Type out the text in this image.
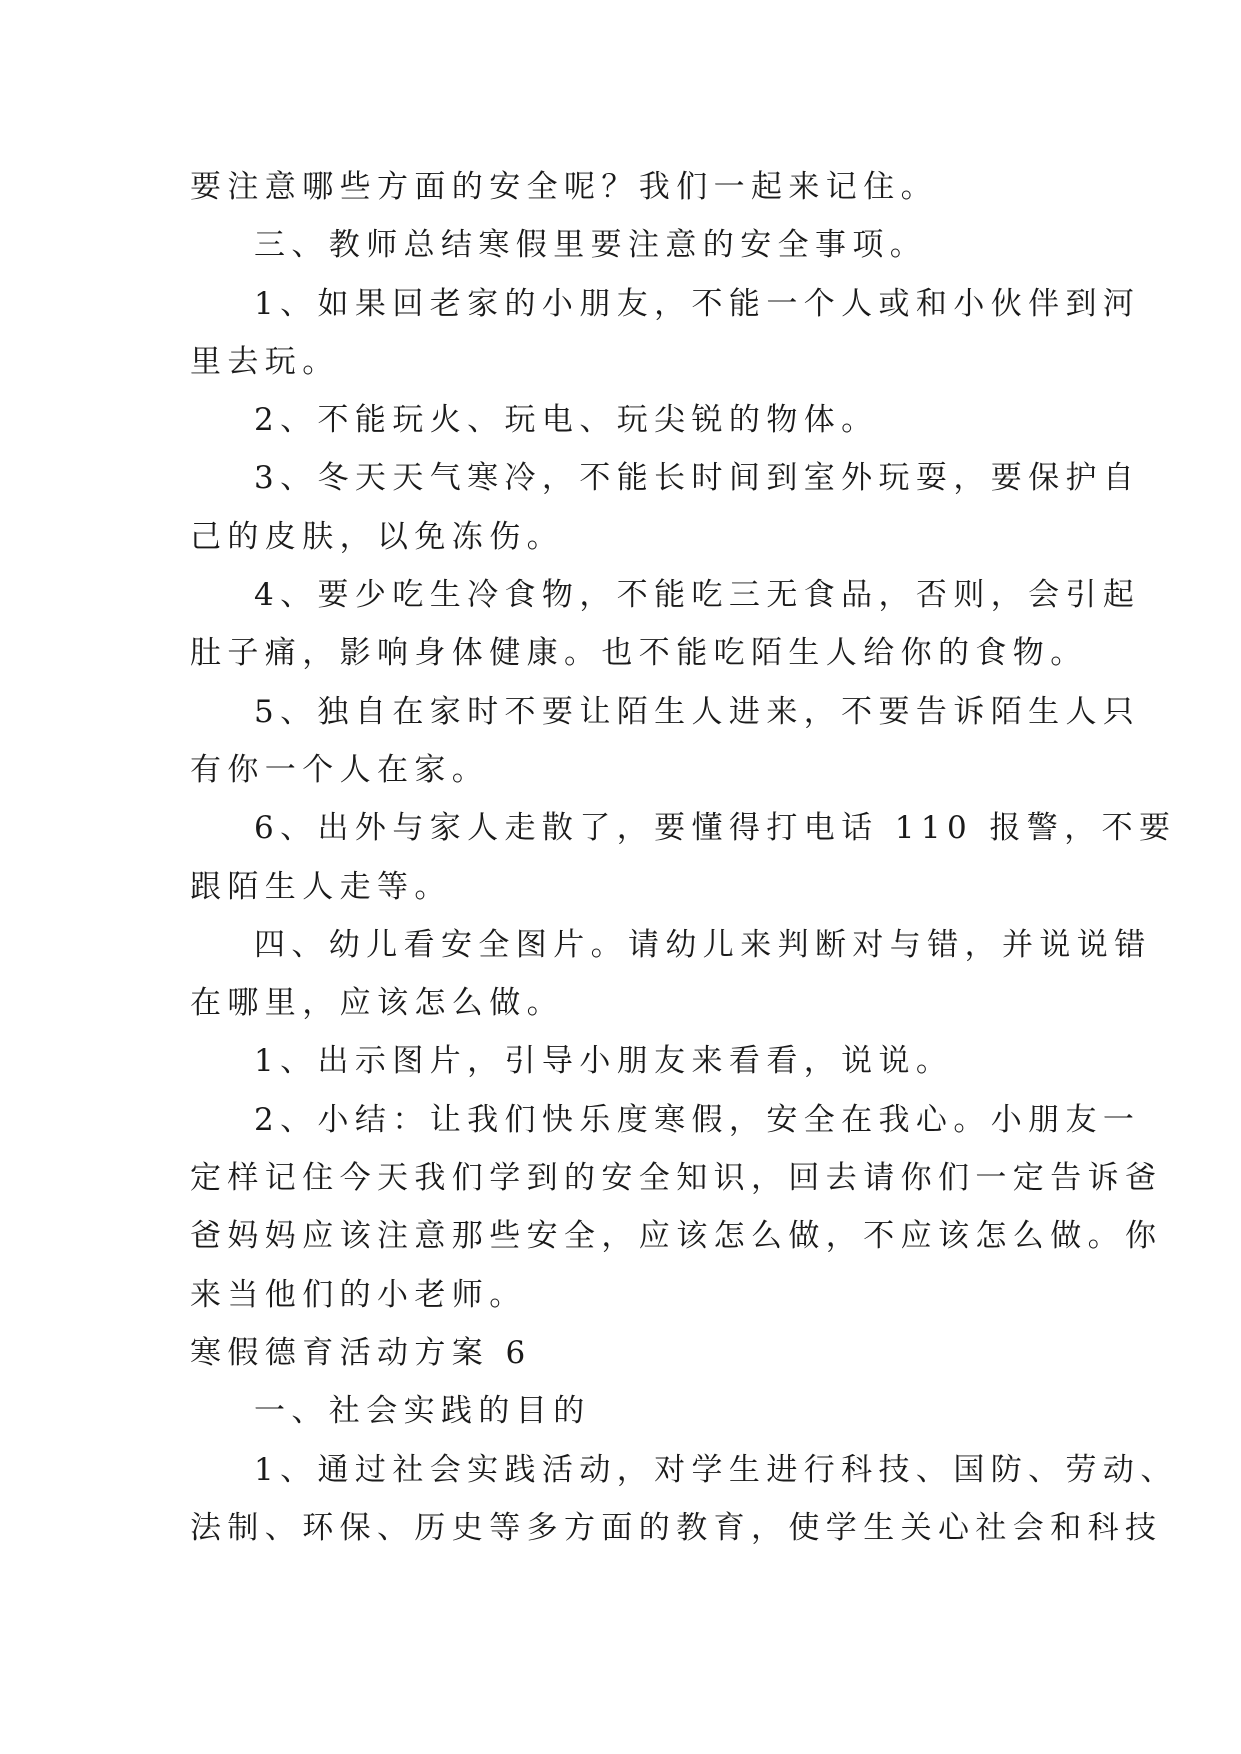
要注意哪些方面的安全呢？我们一起来记住。
三、教师总结寒假里要注意的安全事项。
1、如果回老家的小朋友，不能一个人或和小伙伴到河
里去玩。
2、不能玩火、玩电、玩尖锐的物体。
3、冬天天气寒冷，不能长时间到室外玩耍，要保护自
己的皮肤，以免冻伤。
4、要少吃生冷食物，不能吃三无食品，否则，会引起
肚子痛，影响身体健康。也不能吃陌生人给你的食物。
5、独自在家时不要让陌生人进来，不要告诉陌生人只
有你一个人在家。
6、出外与家人走散了，要懂得打电话 110 报警，不要
跟陌生人走等。
四、幼儿看安全图片。请幼儿来判断对与错，并说说错
在哪里，应该怎么做。
1、出示图片，引导小朋友来看看，说说。
2、小结：让我们快乐度寒假，安全在我心。小朋友一
定样记住今天我们学到的安全知识，回去请你们一定告诉爸
爸妈妈应该注意那些安全，应该怎么做，不应该怎么做。你
来当他们的小老师。
寒假德育活动方案 6
一、社会实践的目的
1、通过社会实践活动，对学生进行科技、国防、劳动、
法制、环保、历史等多方面的教育，使学生关心社会和科技
